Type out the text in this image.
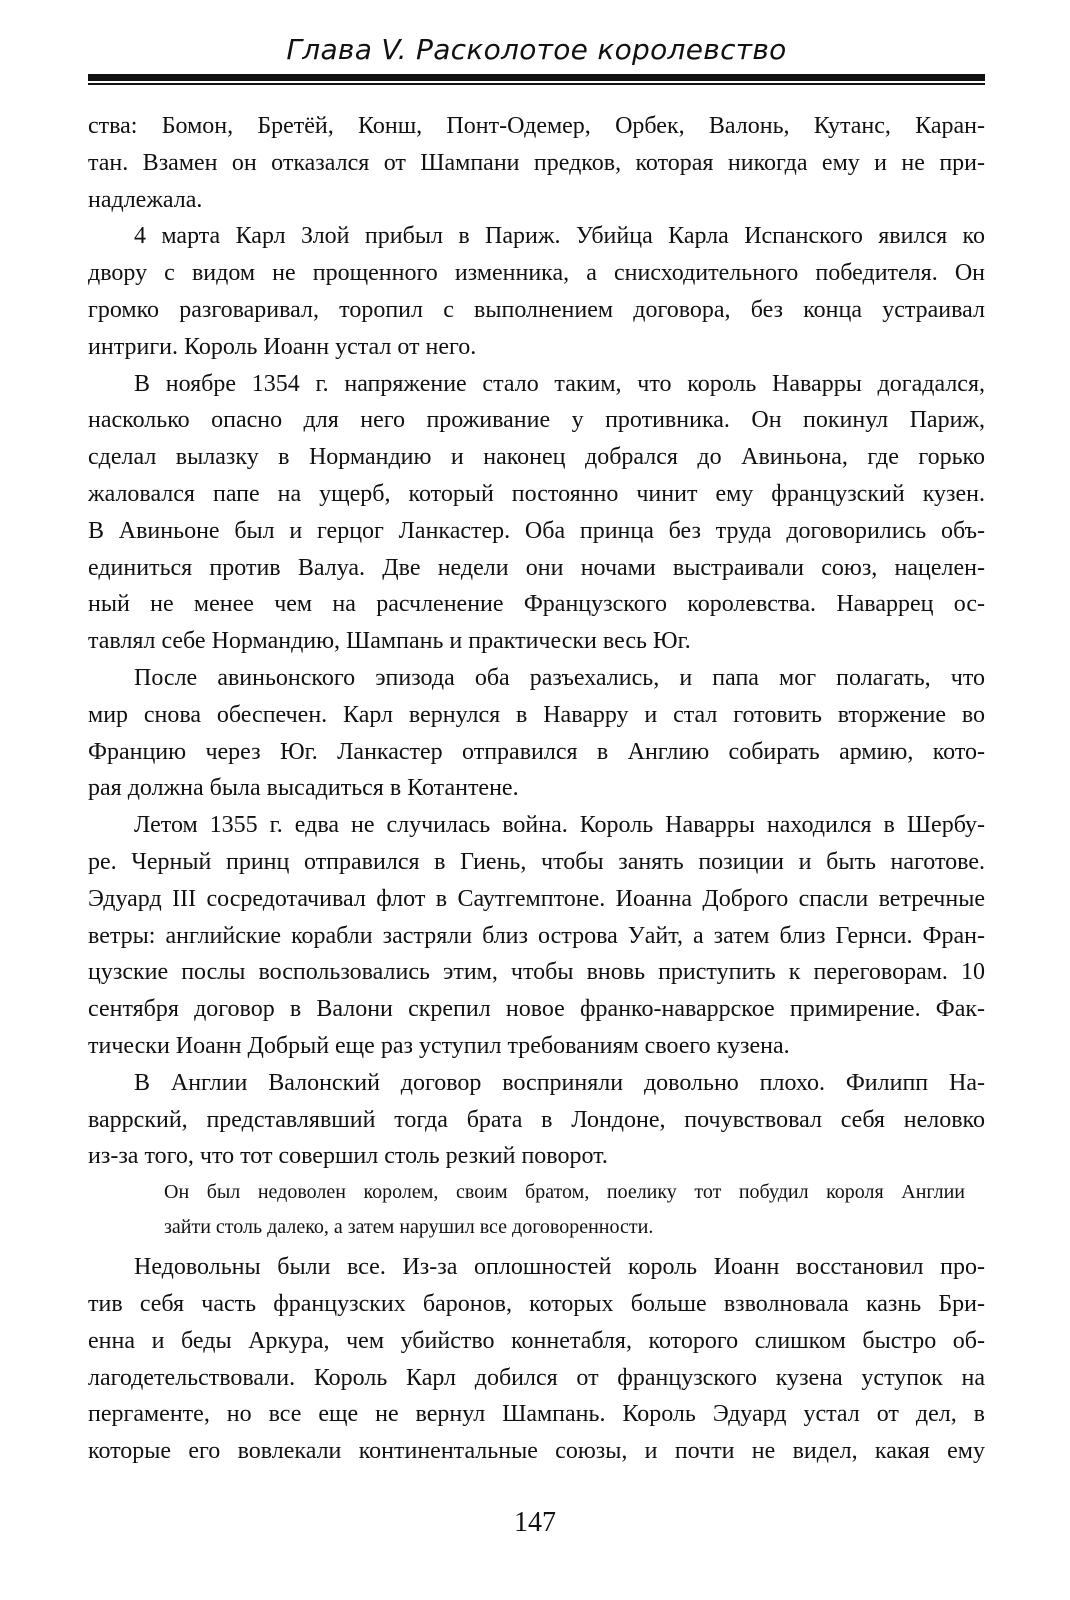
Глава V. Расколотое королевство
ства: Бомон, Бретёй, Конш, Понт-Одемер, Орбек, Валонь, Кутанс, Каран-
тан. Взамен он отказался от Шампани предков, которая никогда ему и не при-
надлежала.
4 марта Карл Злой прибыл в Париж. Убийца Карла Испанского явился ко
двору с видом не прощенного изменника, а снисходительного победителя. Он
громко разговаривал, торопил с выполнением договора, без конца устраивал
интриги. Король Иоанн устал от него.
В ноябре 1354 г. напряжение стало таким, что король Наварры догадался,
насколько опасно для него проживание у противника. Он покинул Париж,
сделал вылазку в Нормандию и наконец добрался до Авиньона, где горько
жаловался папе на ущерб, который постоянно чинит ему французский кузен.
В Авиньоне был и герцог Ланкастер. Оба принца без труда договорились объ-
единиться против Валуа. Две недели они ночами выстраивали союз, нацелен-
ный не менее чем на расчленение Французского королевства. Наваррец ос-
тавлял себе Нормандию, Шампань и практически весь Юг.
После авиньонского эпизода оба разъехались, и папа мог полагать, что
мир снова обеспечен. Карл вернулся в Наварру и стал готовить вторжение во
Францию через Юг. Ланкастер отправился в Англию собирать армию, кото-
рая должна была высадиться в Котантене.
Летом 1355 г. едва не случилась война. Король Наварры находился в Шербу-
ре. Черный принц отправился в Гиень, чтобы занять позиции и быть наготове.
Эдуард III сосредотачивал флот в Саутгемптоне. Иоанна Доброго спасли ветречные
ветры: английские корабли застряли близ острова Уайт, а затем близ Гернси. Фран-
цузские послы воспользовались этим, чтобы вновь приступить к переговорам. 10
сентября договор в Валони скрепил новое франко-наваррское примирение. Фак-
тически Иоанн Добрый еще раз уступил требованиям своего кузена.
В Англии Валонский договор восприняли довольно плохо. Филипп На-
варрский, представлявший тогда брата в Лондоне, почувствовал себя неловко
из-за того, что тот совершил столь резкий поворот.
Он был недоволен королем, своим братом, поелику тот побудил короля Англии
зайти столь далеко, а затем нарушил все договоренности.
Недовольны были все. Из-за оплошностей король Иоанн восстановил про-
тив себя часть французских баронов, которых больше взволновала казнь Бри-
енна и беды Аркура, чем убийство коннетабля, которого слишком быстро об-
лагодетельствовали. Король Карл добился от французского кузена уступок на
пергаменте, но все еще не вернул Шампань. Король Эдуард устал от дел, в
которые его вовлекали континентальные союзы, и почти не видел, какая ему
147
